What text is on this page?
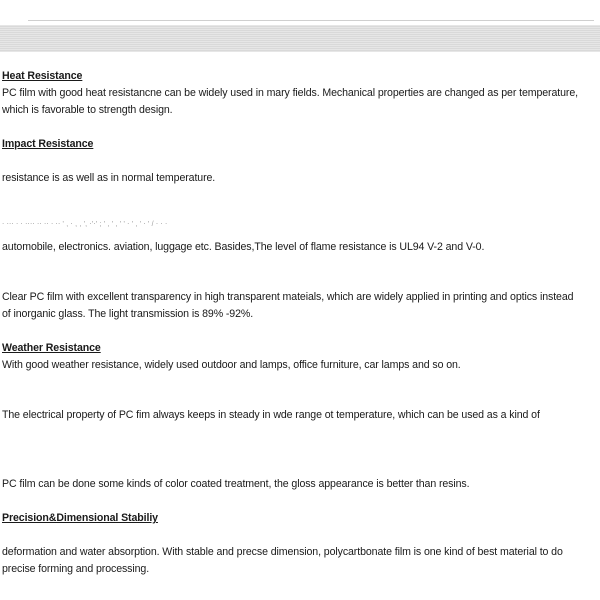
Heat Resistance
PC film with good heat resistancne can be widely used in mary fields. Mechanical properties are changed as per temperature,
which is favorable to strength design.
Impact Resistance
resistance is as well as in normal temperature.
‧ ‧‧‧ ‧ ‧ ‧‧‧‧ ‧‧ ‧‧ ‧ ‧‧ ' , ‧ , , ', ‧'‧' ; ' , ' , ' ' ‧ ' , ' ‧ ' / ‧ ‧ ‧
automobile, electronics. aviation, luggage etc. Basides,The level of flame resistance is UL94 V-2 and V-0.
Clear PC film with excellent transparency in high transparent mateials, which are widely applied in printing and optics instead
of inorganic glass. The light transmission is 89% -92%.
Weather Resistance
With good weather resistance, widely used outdoor and lamps, office furniture, car lamps and so on.
The electrical property of PC fim always keeps in steady in wde range ot temperature, which can be used as a kind of
PC film can be done some kinds of color coated treatment, the gloss appearance is better than resins.
Precision&Dimensional Stabiliy
deformation and water absorption. With stable and precse dimension, polycartbonate film is one kind of best material to do
precise forming and processing.
